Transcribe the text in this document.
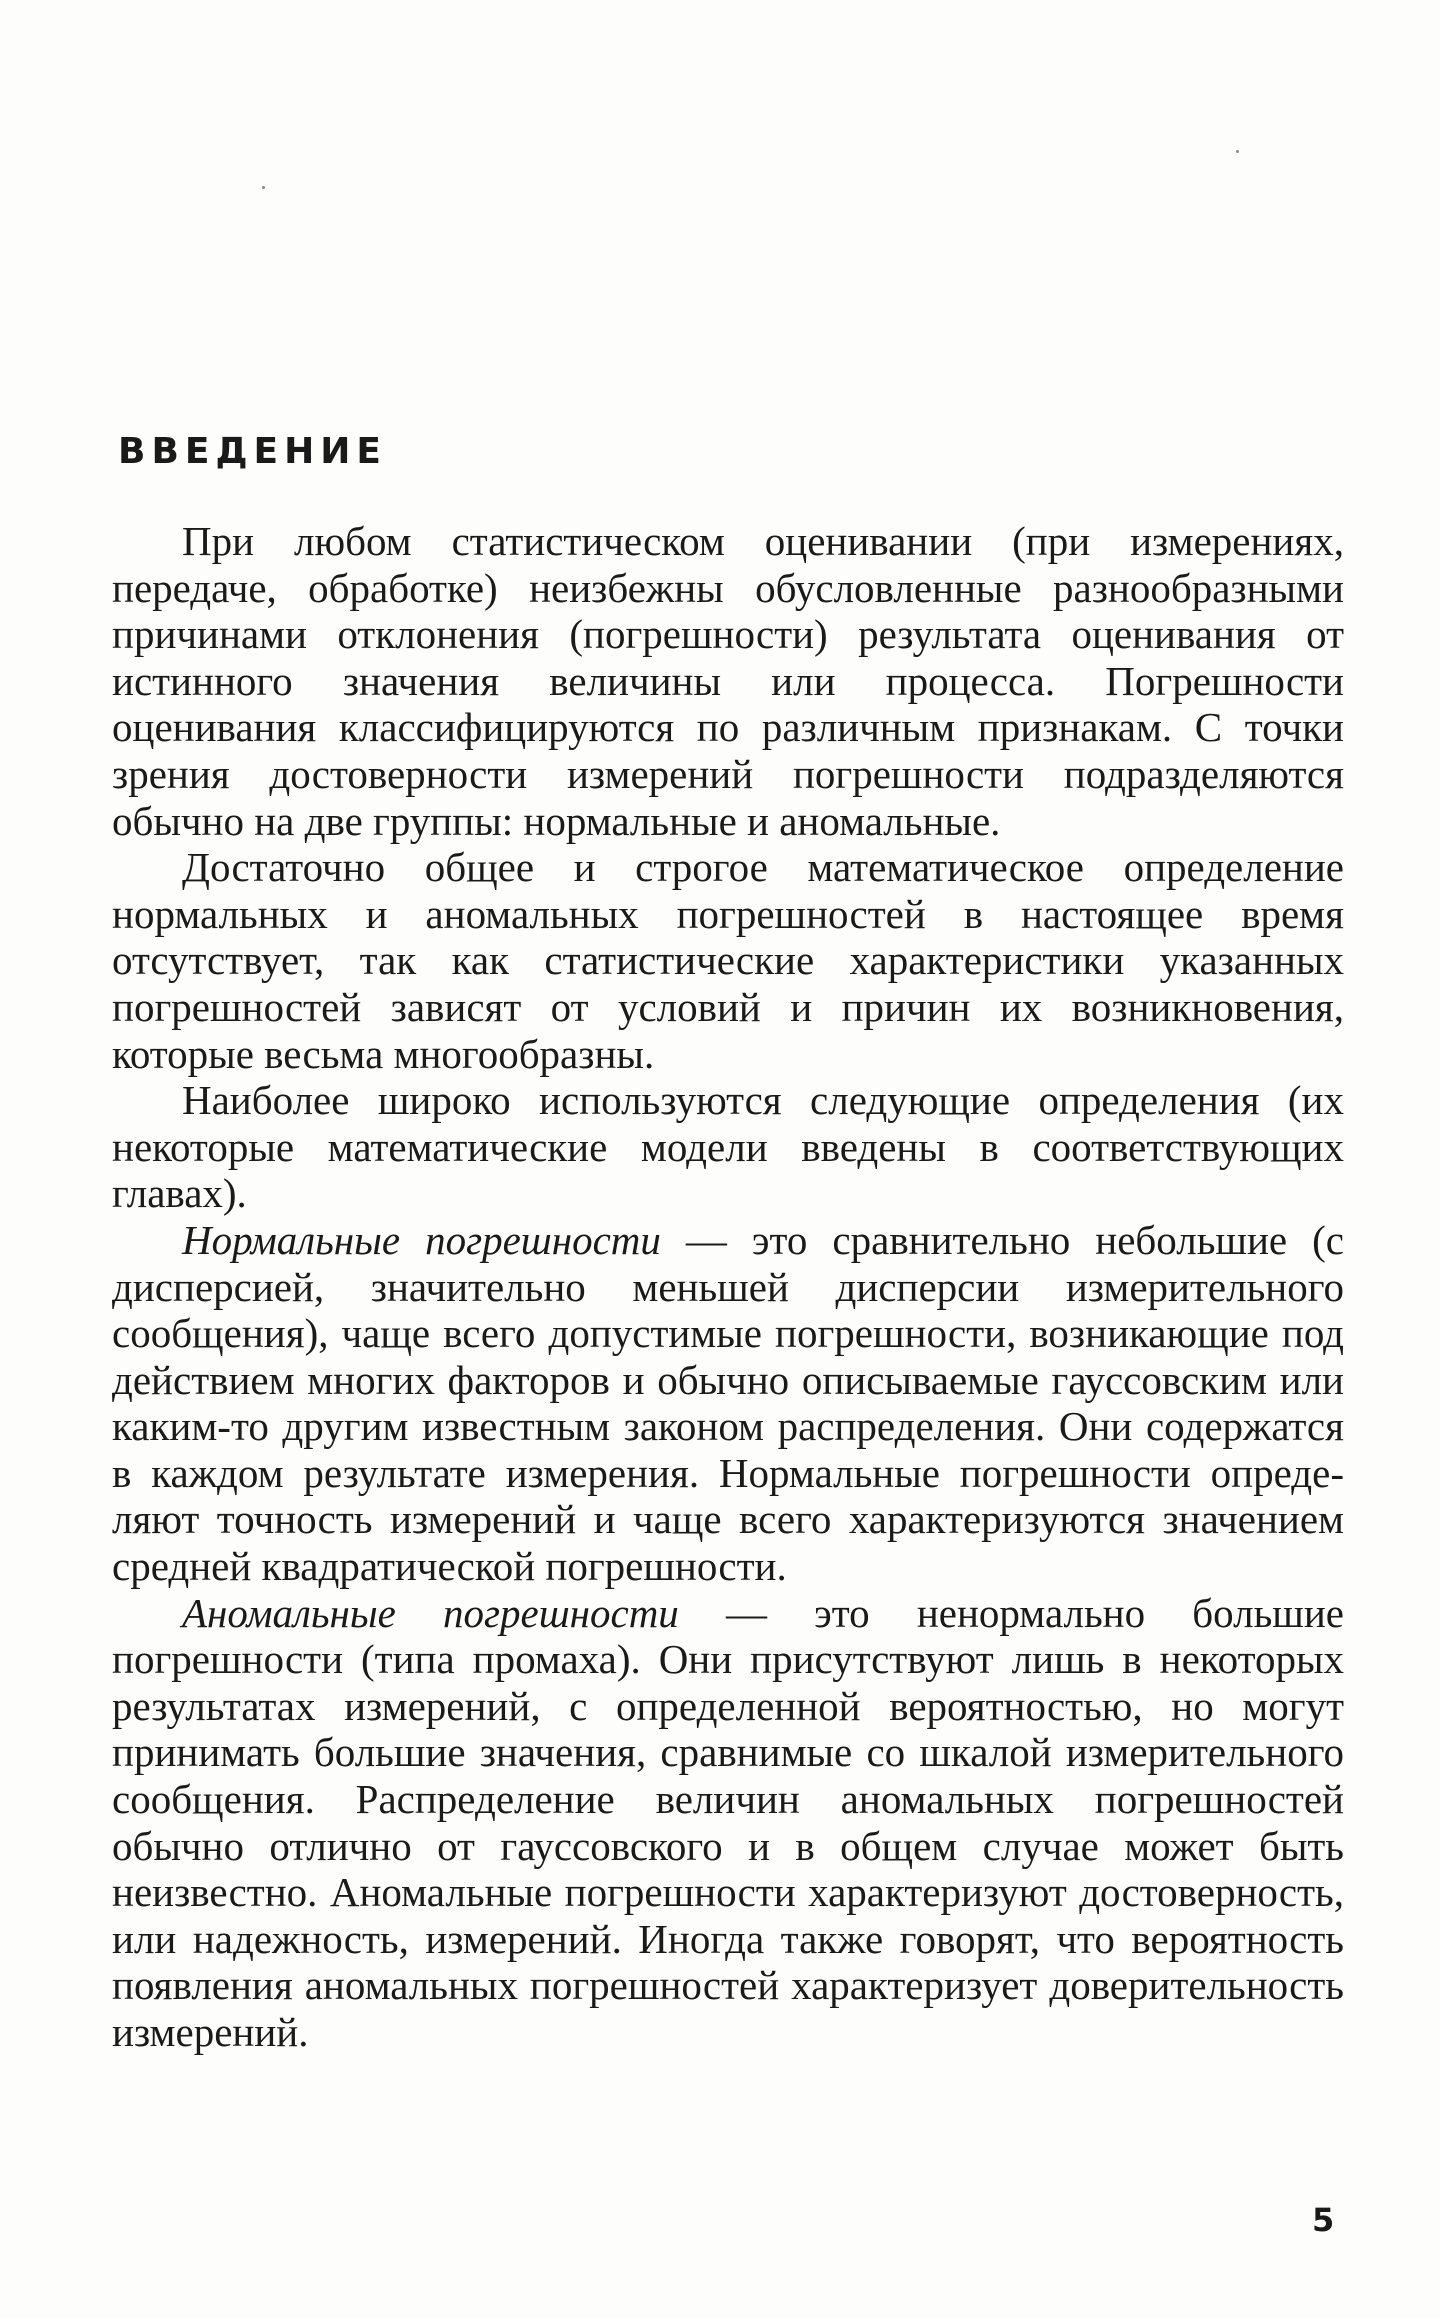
ВВЕДЕНИЕ

При любом статистическом оценивании (при измерениях, передаче, обработке) неизбежны обусловленные разнообразными причинами отклонения (погрешности) результата оценивания от истинного значения величины или процесса. Погрешности оценивания классифицируются по различным признакам. С точки зрения достоверности измерений погрешности подразделяются обычно на две группы: нормальные и аномальные.

Достаточно общее и строгое математическое определение нормальных и аномальных погрешностей в настоящее время отсутствует, так как статистические характеристики указанных погрешностей зависят от условий и причин их возникновения, которые весьма многообразны.

Наиболее широко используются следующие определения (их некоторые математические модели введены в соответствующих главах).

Нормальные погрешности — это сравнительно небольшие (с дисперсией, значительно меньшей дисперсии измерительного сообщения), чаще всего допустимые погрешности, возникающие под действием многих факторов и обычно описываемые гауссовским или каким-то другим известным законом распределения. Они содержатся в каждом результате измерения. Нормальные погрешности определяют точность измерений и чаще всего характеризуются значением средней квадратической погрешности.

Аномальные погрешности — это ненормально большие погрешности (типа промаха). Они присутствуют лишь в некоторых результатах измерений, с определенной вероятностью, но могут принимать большие значения, сравнимые со шкалой измерительного сообщения. Распределение величин аномальных погрешностей обычно отлично от гауссовского и в общем случае может быть неизвестно. Аномальные погрешности характеризуют достоверность, или надежность, измерений. Иногда также говорят, что вероятность появления аномальных погрешностей характеризует доверительность измерений.

5
